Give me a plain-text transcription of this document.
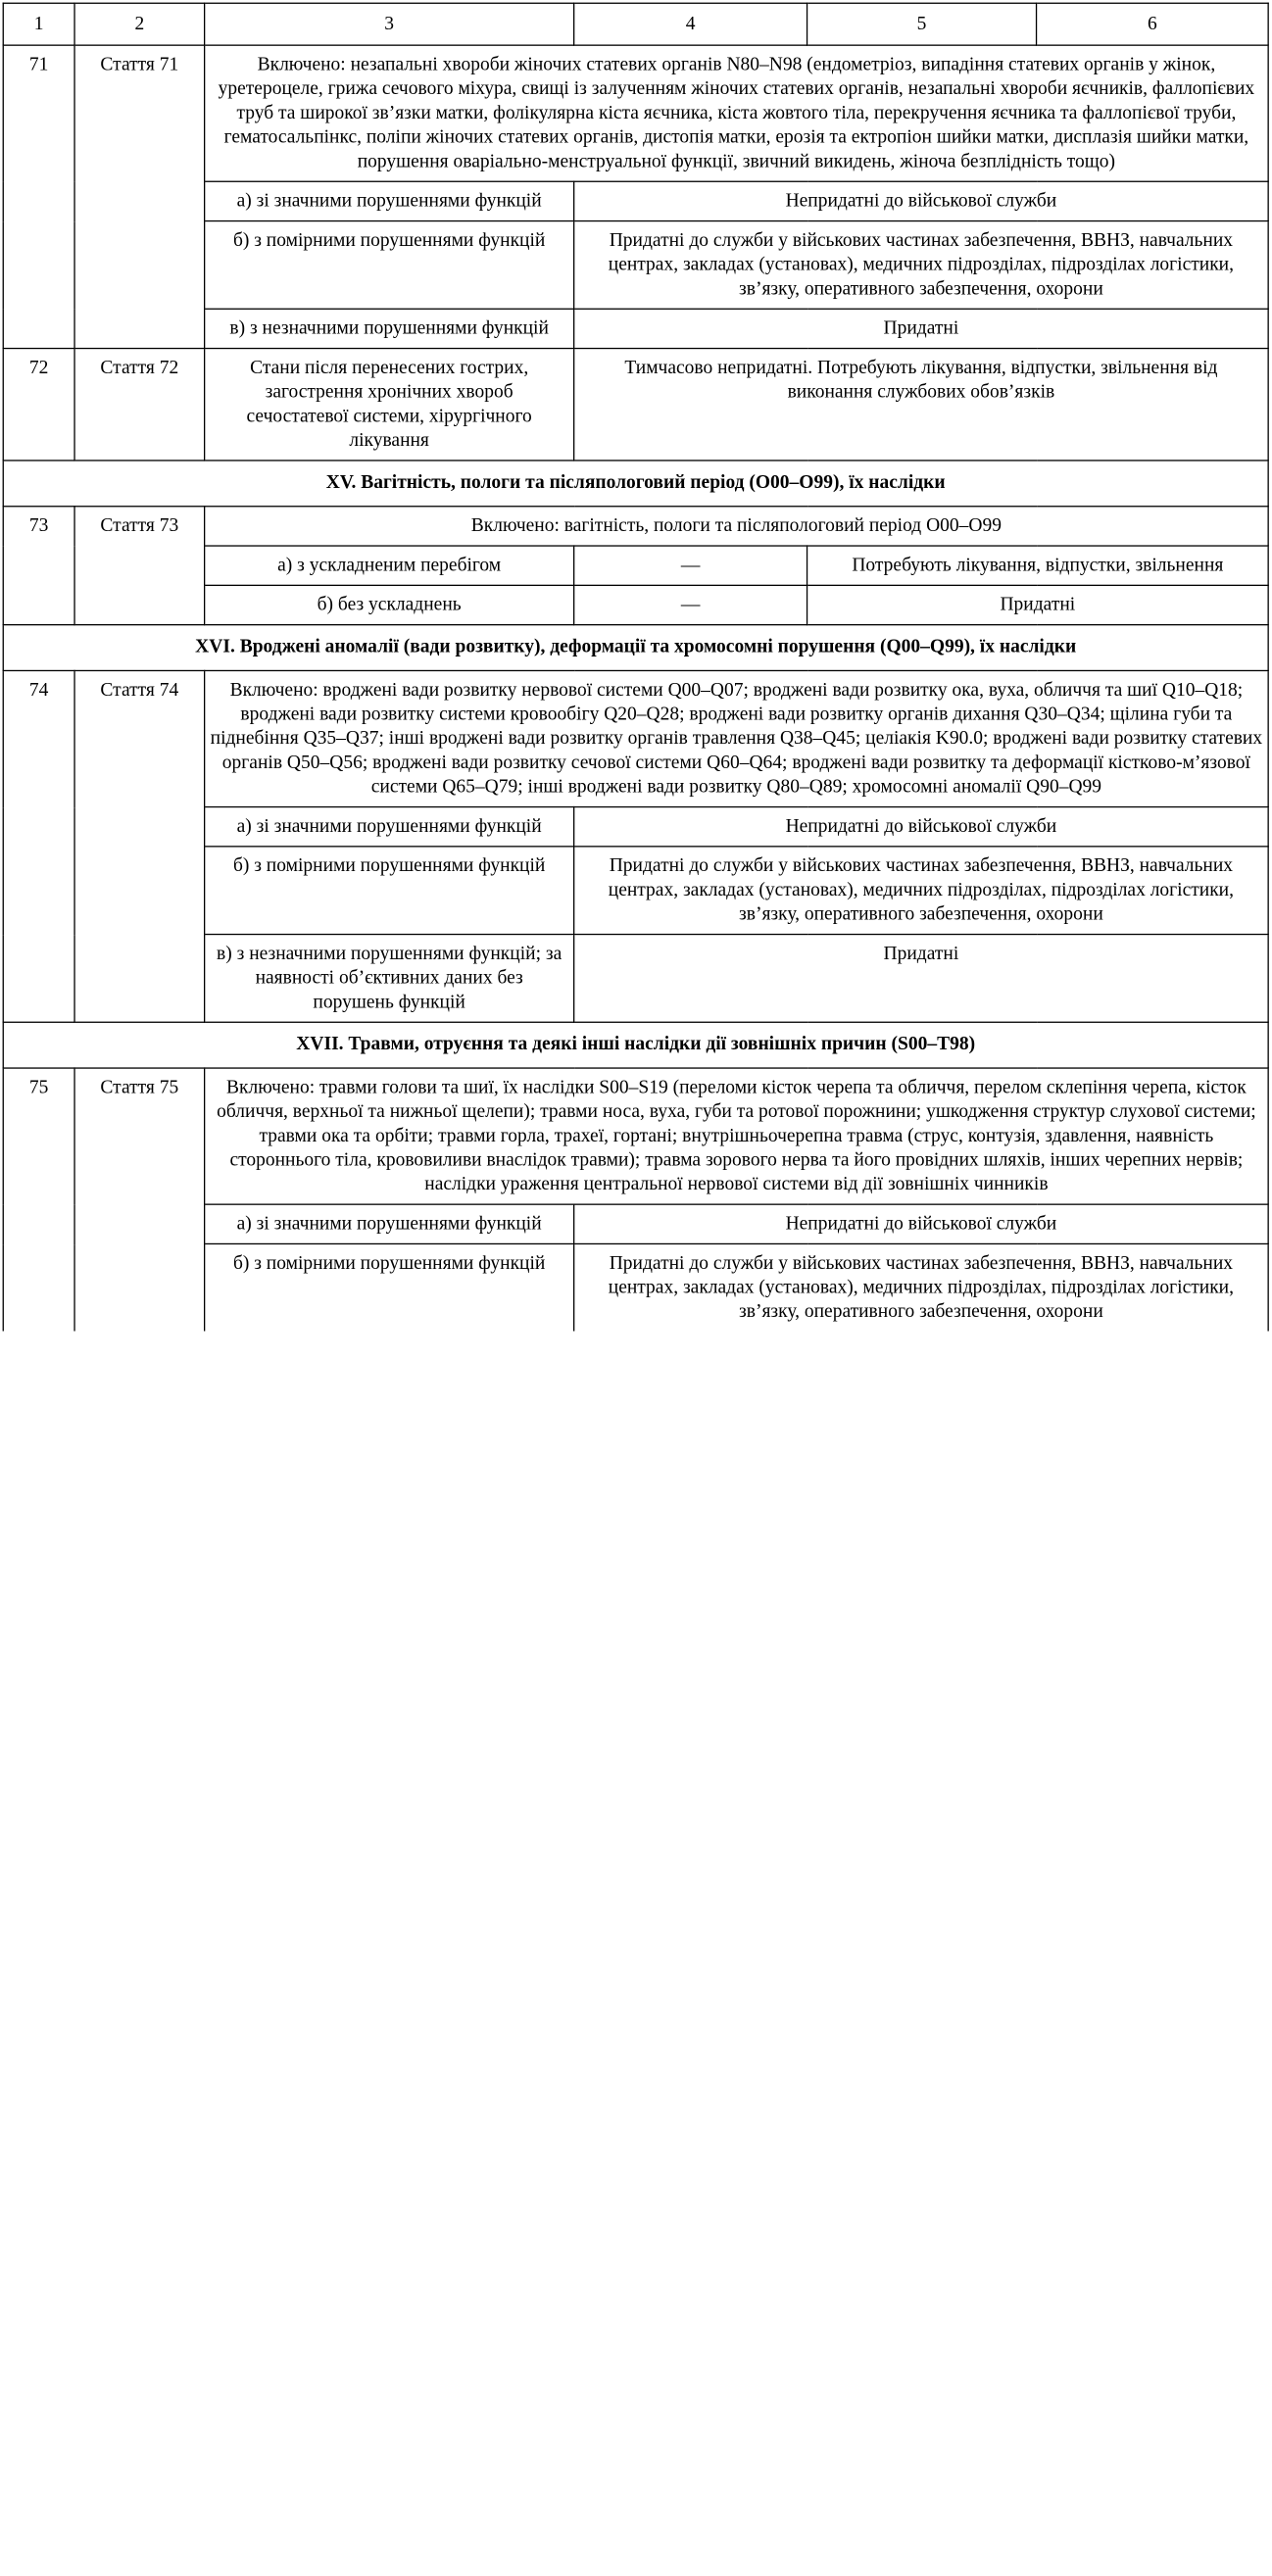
1	2	3	4	5	6
71	Стаття 71	Включено: незапальні хвороби жіночих статевих органів N80–N98 (ендометріоз, випадіння статевих органів у жінок, уретероцеле, грижа сечового міхура, свищі із залученням жіночих статевих органів, незапальні хвороби яєчників, фаллопієвих труб та широкої зв’язки матки, фолікулярна кіста яєчника, кіста жовтого тіла, перекручення яєчника та фаллопієвої труби, гематосальпінкс, поліпи жіночих статевих органів, дистопія матки, ерозія та ектропіон шийки матки, дисплазія шийки матки, порушення оваріально-менструальної функції, звичний викидень, жіноча безплідність тощо)			
		а) зі значними порушеннями функцій	Непридатні до військової служби		
		б) з помірними порушеннями функцій	Придатні до служби у військових частинах забезпечення, ВВНЗ, навчальних центрах, закладах (установах), медичних підрозділах, підрозділах логістики, зв’язку, оперативного забезпечення, охорони		
		в) з незначними порушеннями функцій	Придатні		
72	Стаття 72	Стани після перенесених гострих, загострення хронічних хвороб сечостатевої системи, хірургічного лікування	Тимчасово непридатні. Потребують лікування, відпустки, звільнення від виконання службових обов’язків		
XV. Вагітність, пологи та післяпологовий період (O00–O99), їх наслідки					
73	Стаття 73	Включено: вагітність, пологи та післяпологовий період O00–O99			
		а) з ускладненим перебігом	—	Потребують лікування, відпустки, звільнення	
		б) без ускладнень	—	Придатні	
XVI. Вроджені аномалії (вади розвитку), деформації та хромосомні порушення (Q00–Q99), їх наслідки					
74	Стаття 74	Включено: вроджені вади розвитку нервової системи Q00–Q07; вроджені вади розвитку ока, вуха, обличчя та шиї Q10–Q18; вроджені вади розвитку системи кровообігу Q20–Q28; вроджені вади розвитку органів дихання Q30–Q34; щілина губи та піднебіння Q35–Q37; інші вроджені вади розвитку органів травлення Q38–Q45; целіакія K90.0; вроджені вади розвитку статевих органів Q50–Q56; вроджені вади розвитку сечової системи Q60–Q64; вроджені вади розвитку та деформації кістково-м’язової системи Q65–Q79; інші вроджені вади розвитку Q80–Q89; хромосомні аномалії Q90–Q99			
		а) зі значними порушеннями функцій	Непридатні до військової служби		
		б) з помірними порушеннями функцій	Придатні до служби у військових частинах забезпечення, ВВНЗ, навчальних центрах, закладах (установах), медичних підрозділах, підрозділах логістики, зв’язку, оперативного забезпечення, охорони		
		в) з незначними порушеннями функцій; за наявності об’єктивних даних без порушень функцій	Придатні		
XVII. Травми, отруєння та деякі інші наслідки дії зовнішніх причин (S00–T98)					
75	Стаття 75	Включено: травми голови та шиї, їх наслідки S00–S19 (переломи кісток черепа та обличчя, перелом склепіння черепа, кісток обличчя, верхньої та нижньої щелепи); травми носа, вуха, губи та ротової порожнини; ушкодження структур слухової системи; травми ока та орбіти; травми горла, трахеї, гортані; внутрішньочерепна травма (струс, контузія, здавлення, наявність стороннього тіла, крововиливи внаслідок травми); травма зорового нерва та його провідних шляхів, інших черепних нервів; наслідки ураження центральної нервової системи від дії зовнішніх чинників			
		а) зі значними порушеннями функцій	Непридатні до військової служби		
		б) з помірними порушеннями функцій	Придатні до служби у військових частинах забезпечення, ВВНЗ, навчальних центрах, закладах (установах), медичних підрозділах, підрозділах логістики, зв’язку, оперативного забезпечення, охорони		
